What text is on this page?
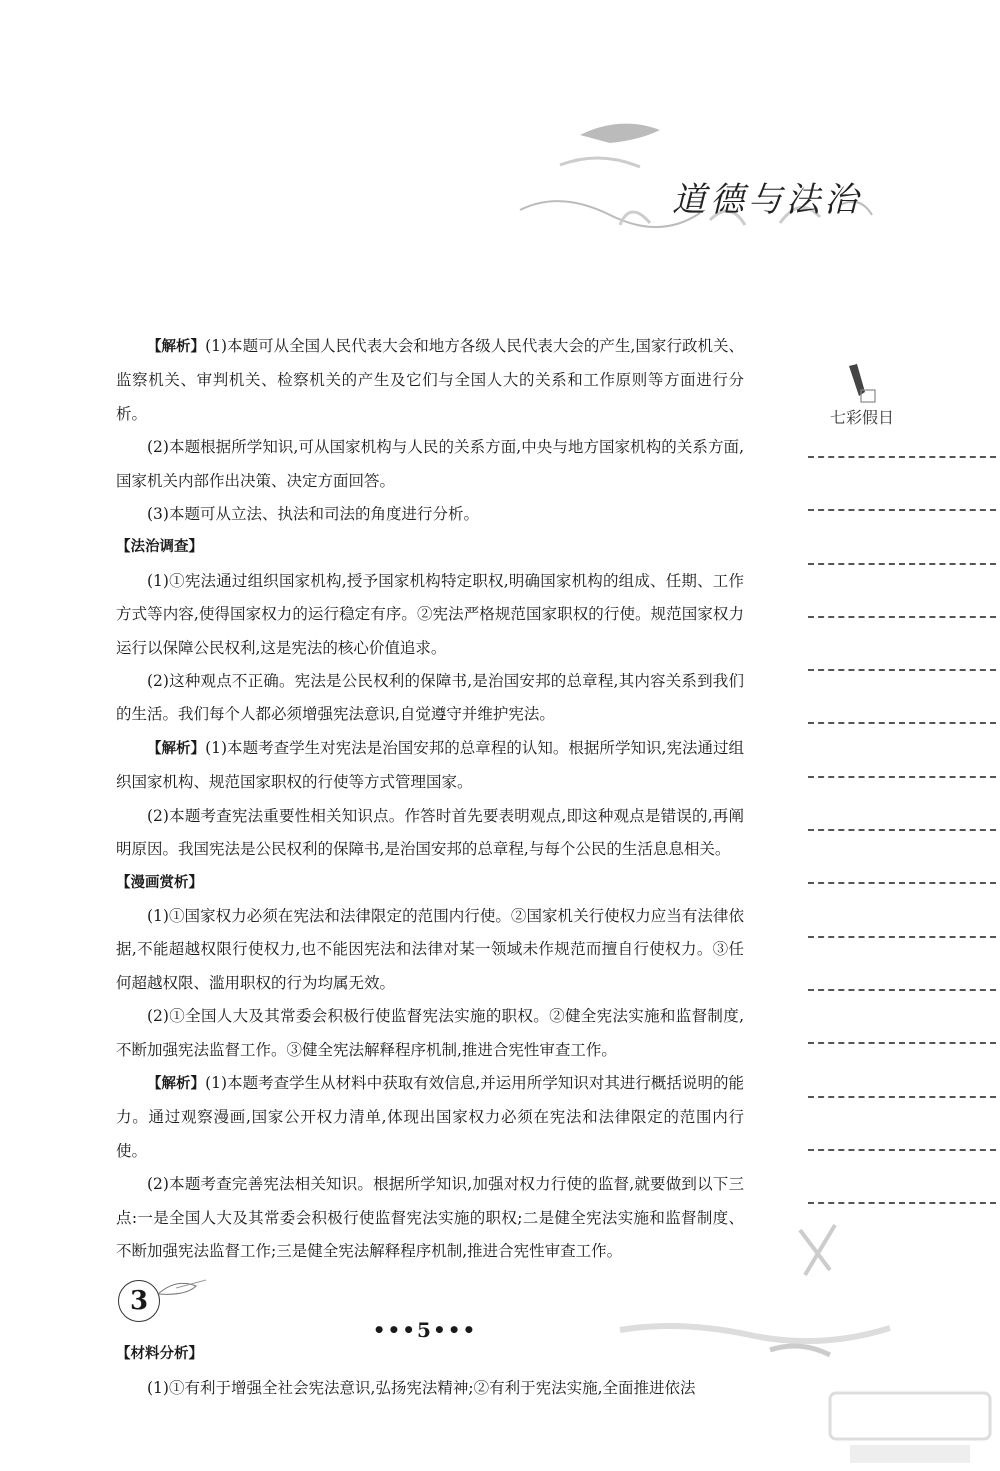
道德与法治
七彩假日

【解析】(1)本题可从全国人民代表大会和地方各级人民代表大会的产生,国家行政机关、监察机关、审判机关、检察机关的产生及它们与全国人大的关系和工作原则等方面进行分析。

(2)本题根据所学知识,可从国家机构与人民的关系方面,中央与地方国家机构的关系方面,国家机关内部作出决策、决定方面回答。

(3)本题可从立法、执法和司法的角度进行分析。

【法治调查】

(1)①宪法通过组织国家机构,授予国家机构特定职权,明确国家机构的组成、任期、工作方式等内容,使得国家权力的运行稳定有序。②宪法严格规范国家职权的行使。规范国家权力运行以保障公民权利,这是宪法的核心价值追求。

(2)这种观点不正确。宪法是公民权利的保障书,是治国安邦的总章程,其内容关系到我们的生活。我们每个人都必须增强宪法意识,自觉遵守并维护宪法。

【解析】(1)本题考查学生对宪法是治国安邦的总章程的认知。根据所学知识,宪法通过组织国家机构、规范国家职权的行使等方式管理国家。

(2)本题考查宪法重要性相关知识点。作答时首先要表明观点,即这种观点是错误的,再阐明原因。我国宪法是公民权利的保障书,是治国安邦的总章程,与每个公民的生活息息相关。

【漫画赏析】

(1)①国家权力必须在宪法和法律限定的范围内行使。②国家机关行使权力应当有法律依据,不能超越权限行使权力,也不能因宪法和法律对某一领域未作规范而擅自行使权力。③任何超越权限、滥用职权的行为均属无效。

(2)①全国人大及其常委会积极行使监督宪法实施的职权。②健全宪法实施和监督制度,不断加强宪法监督工作。③健全宪法解释程序机制,推进合宪性审查工作。

【解析】(1)本题考查学生从材料中获取有效信息,并运用所学知识对其进行概括说明的能力。通过观察漫画,国家公开权力清单,体现出国家权力必须在宪法和法律限定的范围内行使。

(2)本题考查完善宪法相关知识。根据所学知识,加强对权力行使的监督,就要做到以下三点:一是全国人大及其常委会积极行使监督宪法实施的职权;二是健全宪法实施和监督制度、不断加强宪法监督工作;三是健全宪法解释程序机制,推进合宪性审查工作。

3

【材料分析】

(1)①有利于增强全社会宪法意识,弘扬宪法精神;②有利于宪法实施,全面推进依法

•••5•••
